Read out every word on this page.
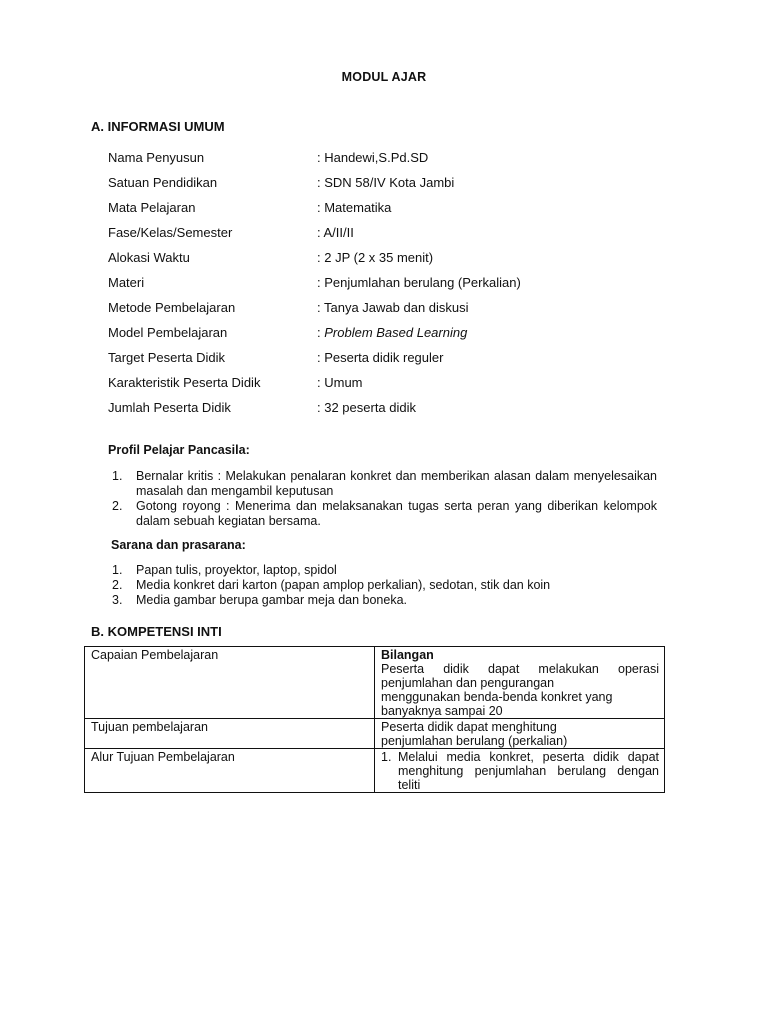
MODUL AJAR
A. INFORMASI UMUM
Nama Penyusun	: Handewi,S.Pd.SD
Satuan Pendidikan	: SDN 58/IV Kota Jambi
Mata Pelajaran	: Matematika
Fase/Kelas/Semester	: A/II/II
Alokasi Waktu	: 2 JP (2 x 35 menit)
Materi	: Penjumlahan berulang (Perkalian)
Metode Pembelajaran	: Tanya Jawab dan diskusi
Model Pembelajaran	: Problem Based Learning
Target Peserta Didik	: Peserta didik reguler
Karakteristik Peserta Didik	: Umum
Jumlah Peserta Didik	: 32 peserta didik
Profil Pelajar Pancasila:
1.	Bernalar kritis : Melakukan penalaran konkret dan memberikan alasan dalam menyelesaikan masalah dan mengambil keputusan
2.	Gotong royong : Menerima dan melaksanakan tugas serta peran yang diberikan kelompok dalam sebuah kegiatan bersama.
Sarana dan prasarana:
1.	Papan tulis, proyektor, laptop, spidol
2.	Media konkret dari karton (papan amplop perkalian), sedotan, stik dan koin
3.	Media gambar berupa gambar meja dan boneka.
B. KOMPETENSI INTI
Capaian Pembelajaran	Bilangan
Peserta didik dapat melakukan operasi penjumlahan dan pengurangan
menggunakan benda-benda konkret yang
banyaknya sampai 20

Tujuan pembelajaran	Peserta didik dapat menghitung
penjumlahan berulang (perkalian)
Alur Tujuan Pembelajaran	1. Melalui media konkret, peserta didik dapat menghitung penjumlahan berulang dengan teliti
